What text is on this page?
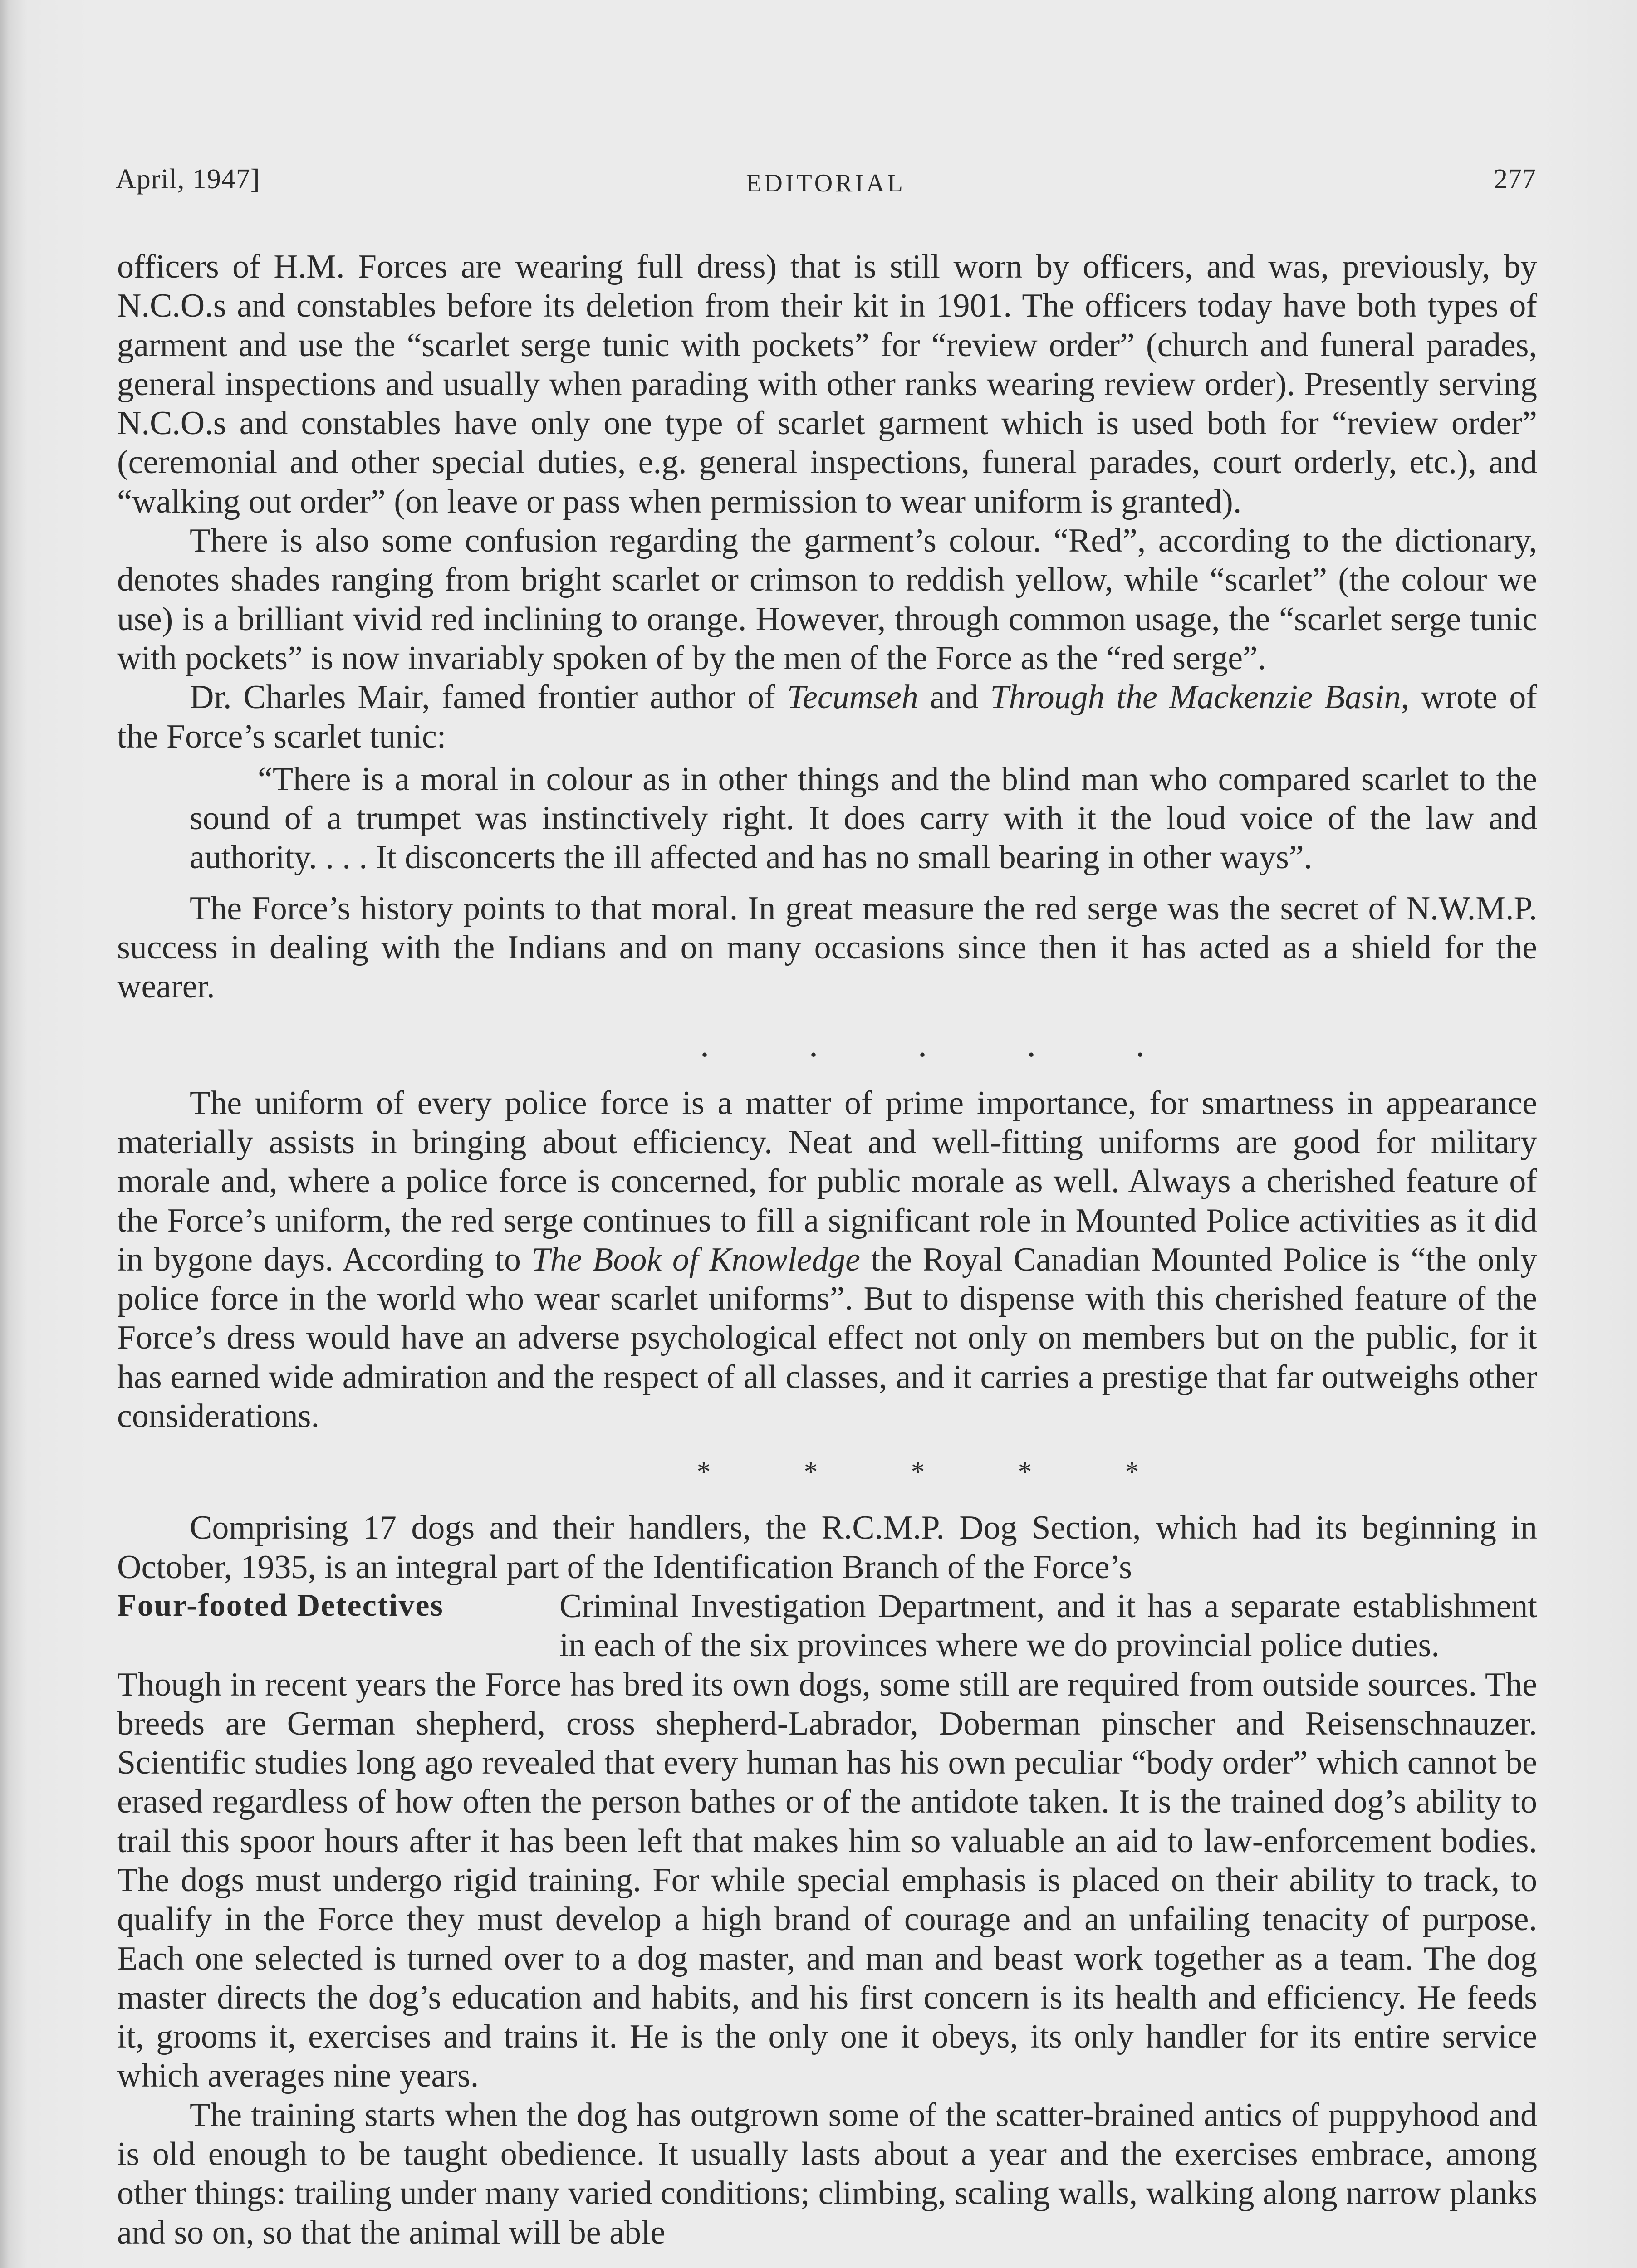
April, 1947]	EDITORIAL	277

officers of H.M. Forces are wearing full dress) that is still worn by officers, and was, previously, by N.C.O.s and constables before its deletion from their kit in 1901. The officers today have both types of garment and use the “scarlet serge tunic with pockets” for “review order” (church and funeral parades, general inspections and usually when parading with other ranks wearing review order). Presently serving N.C.O.s and constables have only one type of scarlet garment which is used both for “review order” (ceremonial and other special duties, e.g. general inspections, funeral parades, court orderly, etc.), and “walking out order” (on leave or pass when permission to wear uniform is granted).

There is also some confusion regarding the garment’s colour. “Red”, according to the dictionary, denotes shades ranging from bright scarlet or crimson to reddish yellow, while “scarlet” (the colour we use) is a brilliant vivid red inclining to orange. However, through common usage, the “scarlet serge tunic with pockets” is now invariably spoken of by the men of the Force as the “red serge”.

Dr. Charles Mair, famed frontier author of Tecumseh and Through the Mackenzie Basin, wrote of the Force’s scarlet tunic:

“There is a moral in colour as in other things and the blind man who compared scarlet to the sound of a trumpet was instinctively right. It does carry with it the loud voice of the law and authority. . . . It disconcerts the ill affected and has no small bearing in other ways”.

The Force’s history points to that moral. In great measure the red serge was the secret of N.W.M.P. success in dealing with the Indians and on many occasions since then it has acted as a shield for the wearer.

.	.	.	.	.

The uniform of every police force is a matter of prime importance, for smartness in appearance materially assists in bringing about efficiency. Neat and well-fitting uniforms are good for military morale and, where a police force is concerned, for public morale as well. Always a cherished feature of the Force’s uniform, the red serge continues to fill a significant role in Mounted Police activities as it did in bygone days. According to The Book of Knowledge the Royal Canadian Mounted Police is “the only police force in the world who wear scarlet uniforms”. But to dispense with this cherished feature of the Force’s dress would have an adverse psychological effect not only on members but on the public, for it has earned wide admiration and the respect of all classes, and it carries a prestige that far outweighs other considerations.

*	*	*	*	*

Comprising 17 dogs and their handlers, the R.C.M.P. Dog Section, which had its beginning in October, 1935, is an integral part of the Identification Branch of the Force’s

Four-footed Detectives	Criminal Investigation Department, and it has a separate establishment in each of the six provinces where we do provincial police duties.

Though in recent years the Force has bred its own dogs, some still are required from outside sources. The breeds are German shepherd, cross shepherd-Labrador, Doberman pinscher and Reisenschnauzer. Scientific studies long ago revealed that every human has his own peculiar “body order” which cannot be erased regardless of how often the person bathes or of the antidote taken. It is the trained dog’s ability to trail this spoor hours after it has been left that makes him so valuable an aid to law-enforcement bodies. The dogs must undergo rigid training. For while special emphasis is placed on their ability to track, to qualify in the Force they must develop a high brand of courage and an unfailing tenacity of purpose. Each one selected is turned over to a dog master, and man and beast work together as a team. The dog master directs the dog’s education and habits, and his first concern is its health and efficiency. He feeds it, grooms it, exercises and trains it. He is the only one it obeys, its only handler for its entire service which averages nine years.

The training starts when the dog has outgrown some of the scatter-brained antics of puppyhood and is old enough to be taught obedience. It usually lasts about a year and the exercises embrace, among other things: trailing under many varied conditions; climbing, scaling walls, walking along narrow planks and so on, so that the animal will be able
